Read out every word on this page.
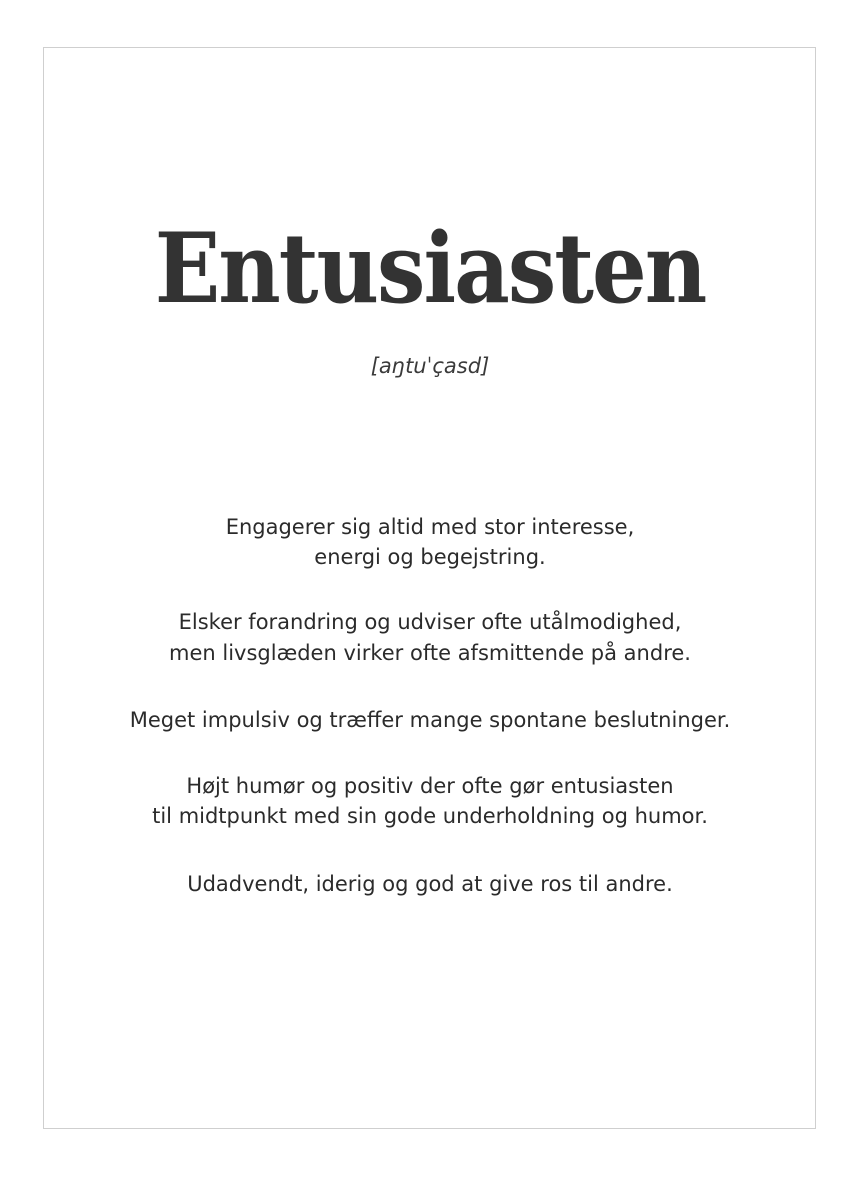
Entusiasten
[aŋtuˈçasd]
Engagerer sig altid med stor interesse,
energi og begejstring.
Elsker forandring og udviser ofte utålmodighed,
men livsglæden virker ofte afsmittende på andre.
Meget impulsiv og træffer mange spontane beslutninger.
Højt humør og positiv der ofte gør entusiasten
til midtpunkt med sin gode underholdning og humor.
Udadvendt, iderig og god at give ros til andre.
